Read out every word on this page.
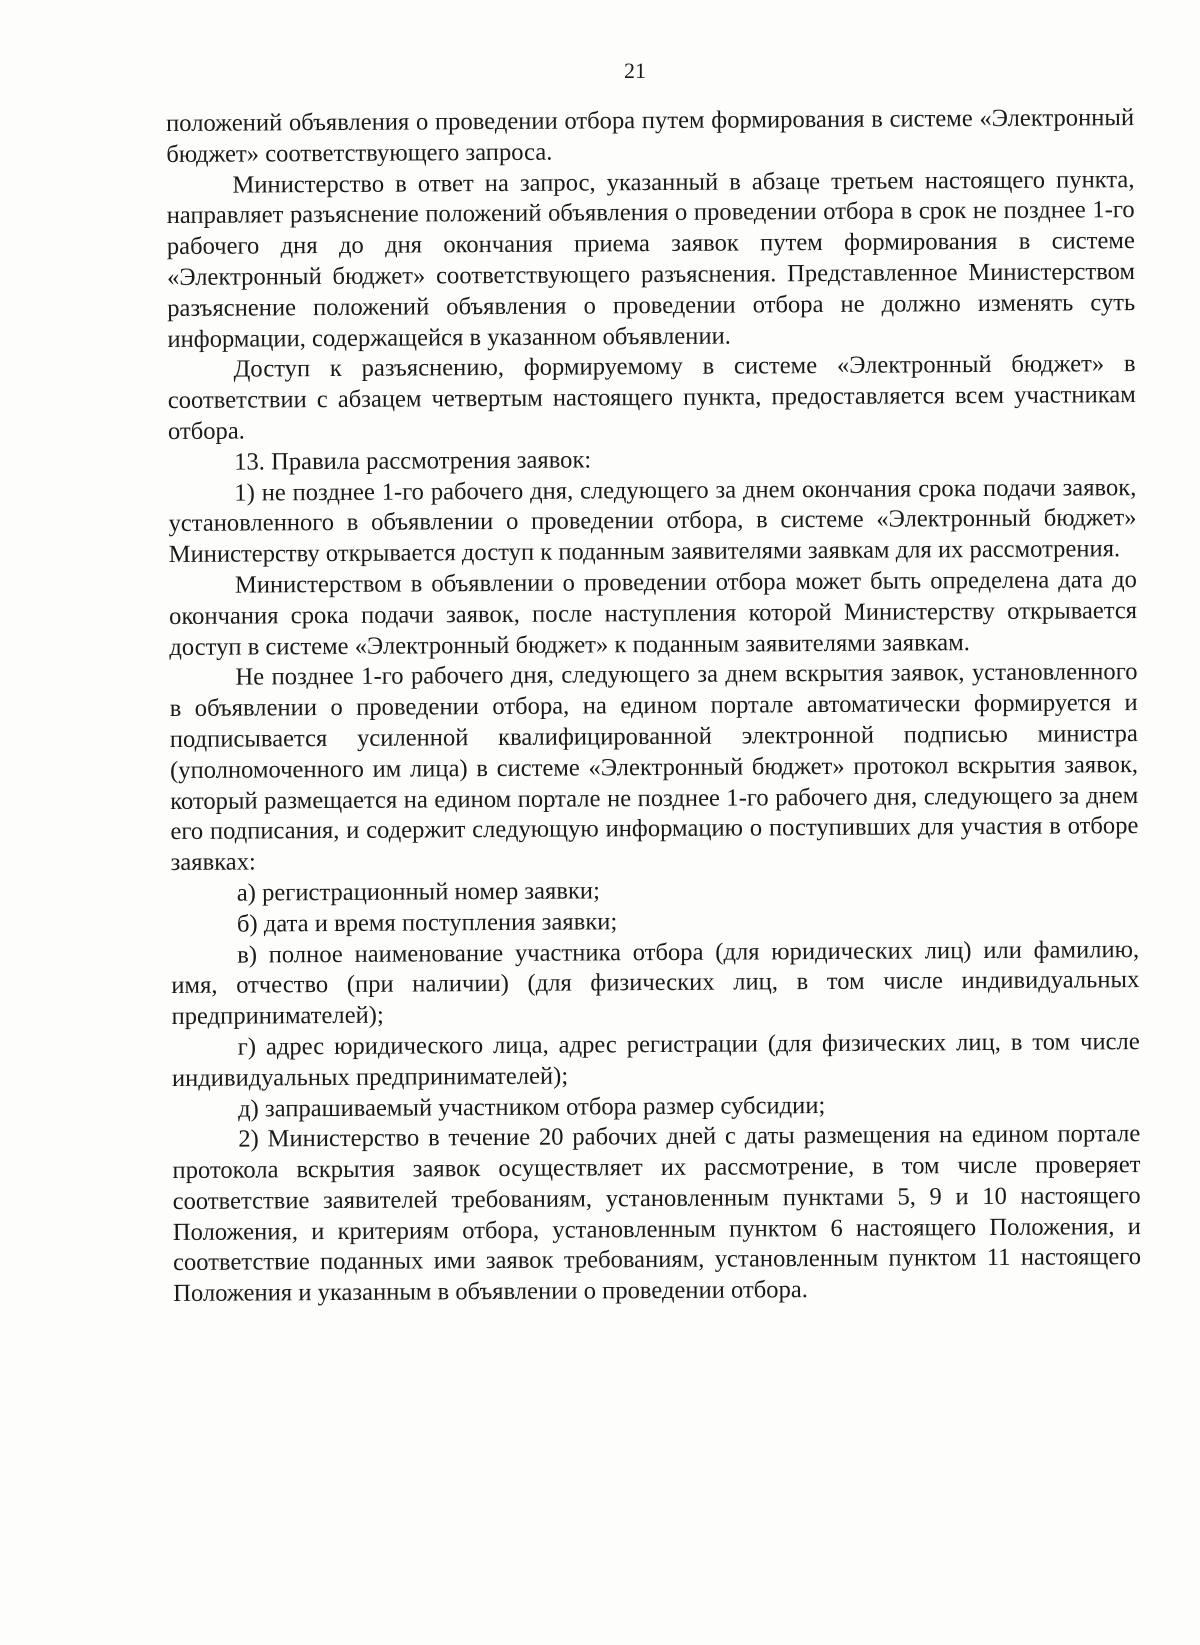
21

положений объявления о проведении отбора путем формирования в системе «Электронный бюджет» соответствующего запроса.

Министерство в ответ на запрос, указанный в абзаце третьем настоящего пункта, направляет разъяснение положений объявления о проведении отбора в срок не позднее 1-го рабочего дня до дня окончания приема заявок путем формирования в системе «Электронный бюджет» соответствующего разъяснения. Представленное Министерством разъяснение положений объявления о проведении отбора не должно изменять суть информации, содержащейся в указанном объявлении.

Доступ к разъяснению, формируемому в системе «Электронный бюджет» в соответствии с абзацем четвертым настоящего пункта, предоставляется всем участникам отбора.

13. Правила рассмотрения заявок:

1) не позднее 1-го рабочего дня, следующего за днем окончания срока подачи заявок, установленного в объявлении о проведении отбора, в системе «Электронный бюджет» Министерству открывается доступ к поданным заявителями заявкам для их рассмотрения.

Министерством в объявлении о проведении отбора может быть определена дата до окончания срока подачи заявок, после наступления которой Министерству открывается доступ в системе «Электронный бюджет» к поданным заявителями заявкам.

Не позднее 1-го рабочего дня, следующего за днем вскрытия заявок, установленного в объявлении о проведении отбора, на едином портале автоматически формируется и подписывается усиленной квалифицированной электронной подписью министра (уполномоченного им лица) в системе «Электронный бюджет» протокол вскрытия заявок, который размещается на едином портале не позднее 1-го рабочего дня, следующего за днем его подписания, и содержит следующую информацию о поступивших для участия в отборе заявках:

а) регистрационный номер заявки;

б) дата и время поступления заявки;

в) полное наименование участника отбора (для юридических лиц) или фамилию, имя, отчество (при наличии) (для физических лиц, в том числе индивидуальных предпринимателей);

г) адрес юридического лица, адрес регистрации (для физических лиц, в том числе индивидуальных предпринимателей);

д) запрашиваемый участником отбора размер субсидии;

2) Министерство в течение 20 рабочих дней с даты размещения на едином портале протокола вскрытия заявок осуществляет их рассмотрение, в том числе проверяет соответствие заявителей требованиям, установленным пунктами 5, 9 и 10 настоящего Положения, и критериям отбора, установленным пунктом 6 настоящего Положения, и соответствие поданных ими заявок требованиям, установленным пунктом 11 настоящего Положения и указанным в объявлении о проведении отбора.
